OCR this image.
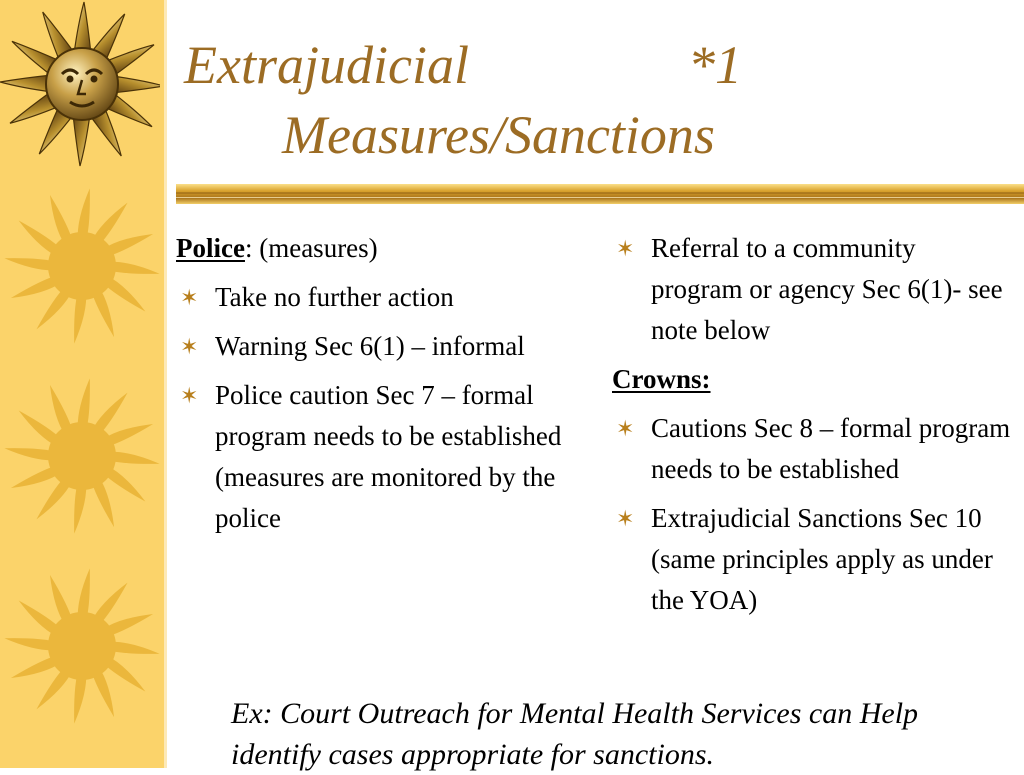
Extrajudicial	*1
Measures/Sanctions
Police: (measures)
✶ Take no further action
✶ Warning Sec 6(1) – informal
✶ Police caution Sec 7 – formal program needs to be established (measures are monitored by the police
✶ Referral to a community program or agency Sec 6(1)- see note below
Crowns:
✶ Cautions Sec 8 – formal program needs to be established
✶ Extrajudicial Sanctions Sec 10 (same principles apply as under the YOA)
Ex: Court Outreach for Mental Health Services can Help identify cases appropriate for sanctions.
